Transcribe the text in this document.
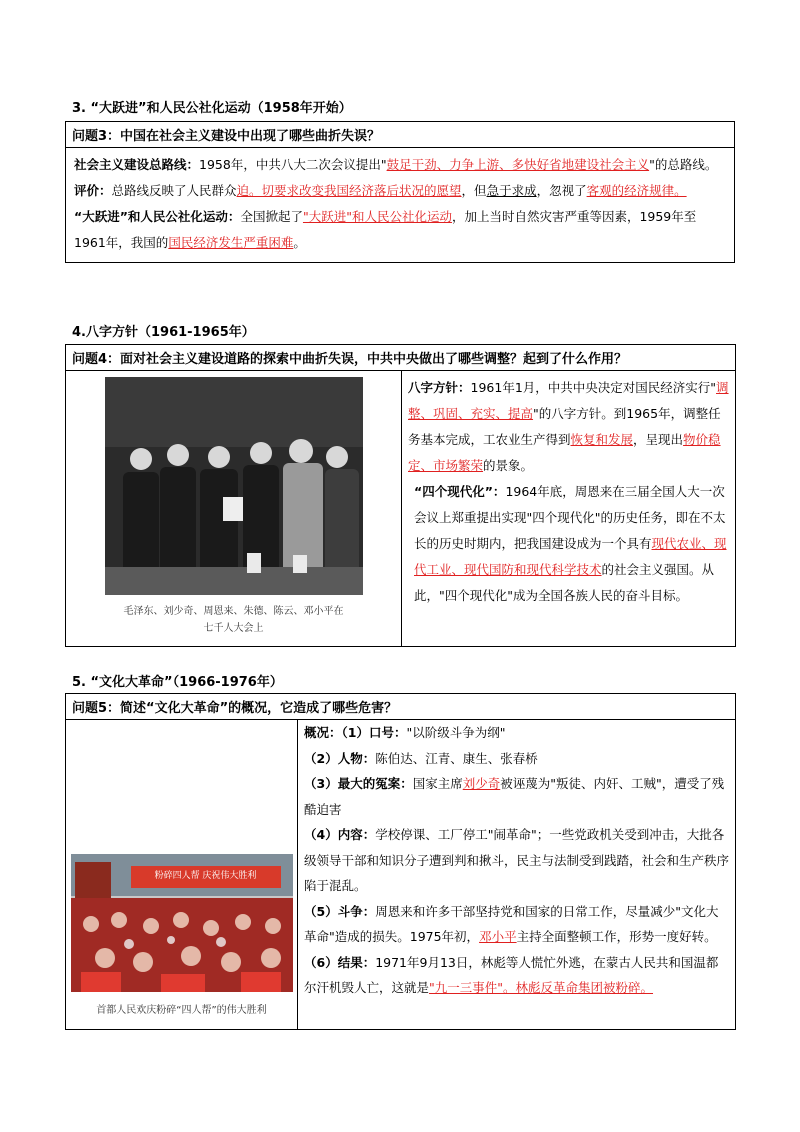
3. “大跃进”和人民公社化运动（1958年开始）
问题3：中国在社会主义建设中出现了哪些曲折失误？

社会主义建设总路线：1958年，中共八大二次会议提出"鼓足干劲、力争上游、多快好省地建设社会主义"的总路线。

评价：总路线反映了人民群众迫。切要求改变我国经济落后状况的愿望，但急于求成，忽视了客观的经济规律。

“大跃进”和人民公社化运动：全国掀起了"大跃进"和人民公社化运动，加上当时自然灾害严重等因素，1959年至1961年，我国的国民经济发生严重困难。

4.八字方针（1961-1965年）
问题4：面对社会主义建设道路的探索中曲折失误，中共中央做出了哪些调整？起到了什么作用？

毛泽东、刘少奇、周恩来、朱德、陈云、邓小平在
七千人大会上

八字方针：1961年1月，中共中央决定对国民经济实行"调整、巩固、充实、提高"的八字方针。到1965年，调整任务基本完成，工农业生产得到恢复和发展，呈现出物价稳定、市场繁荣的景象。

“四个现代化”：1964年底，周恩来在三届全国人大一次会议上郑重提出实现"四个现代化"的历史任务，即在不太长的历史时期内，把我国建设成为一个具有现代农业、现代工业、现代国防和现代科学技术的社会主义强国。从此，"四个现代化"成为全国各族人民的奋斗目标。

5. “文化大革命”（1966-1976年）
问题5：简述“文化大革命”的概况，它造成了哪些危害？

粉碎四人帮 庆祝伟大胜利
首都人民欢庆粉碎“四人帮”的伟大胜利

概况：（1）口号："以阶级斗争为纲"

（2）人物：陈伯达、江青、康生、张春桥

（3）最大的冤案：国家主席刘少奇被诬蔑为"叛徒、内奸、工贼"，遭受了残酷迫害

（4）内容：学校停课、工厂停工"闹革命"；一些党政机关受到冲击，大批各级领导干部和知识分子遭到判和揪斗，民主与法制受到践踏，社会和生产秩序陷于混乱。

（5）斗争：周恩来和许多干部坚持党和国家的日常工作，尽量减少"文化大革命"造成的损失。1975年初，邓小平主持全面整顿工作，形势一度好转。

（6）结果：1971年9月13日，林彪等人慌忙外逃，在蒙古人民共和国温都尔汗机毁人亡，这就是"九一三事件"。林彪反革命集团被粉碎。
